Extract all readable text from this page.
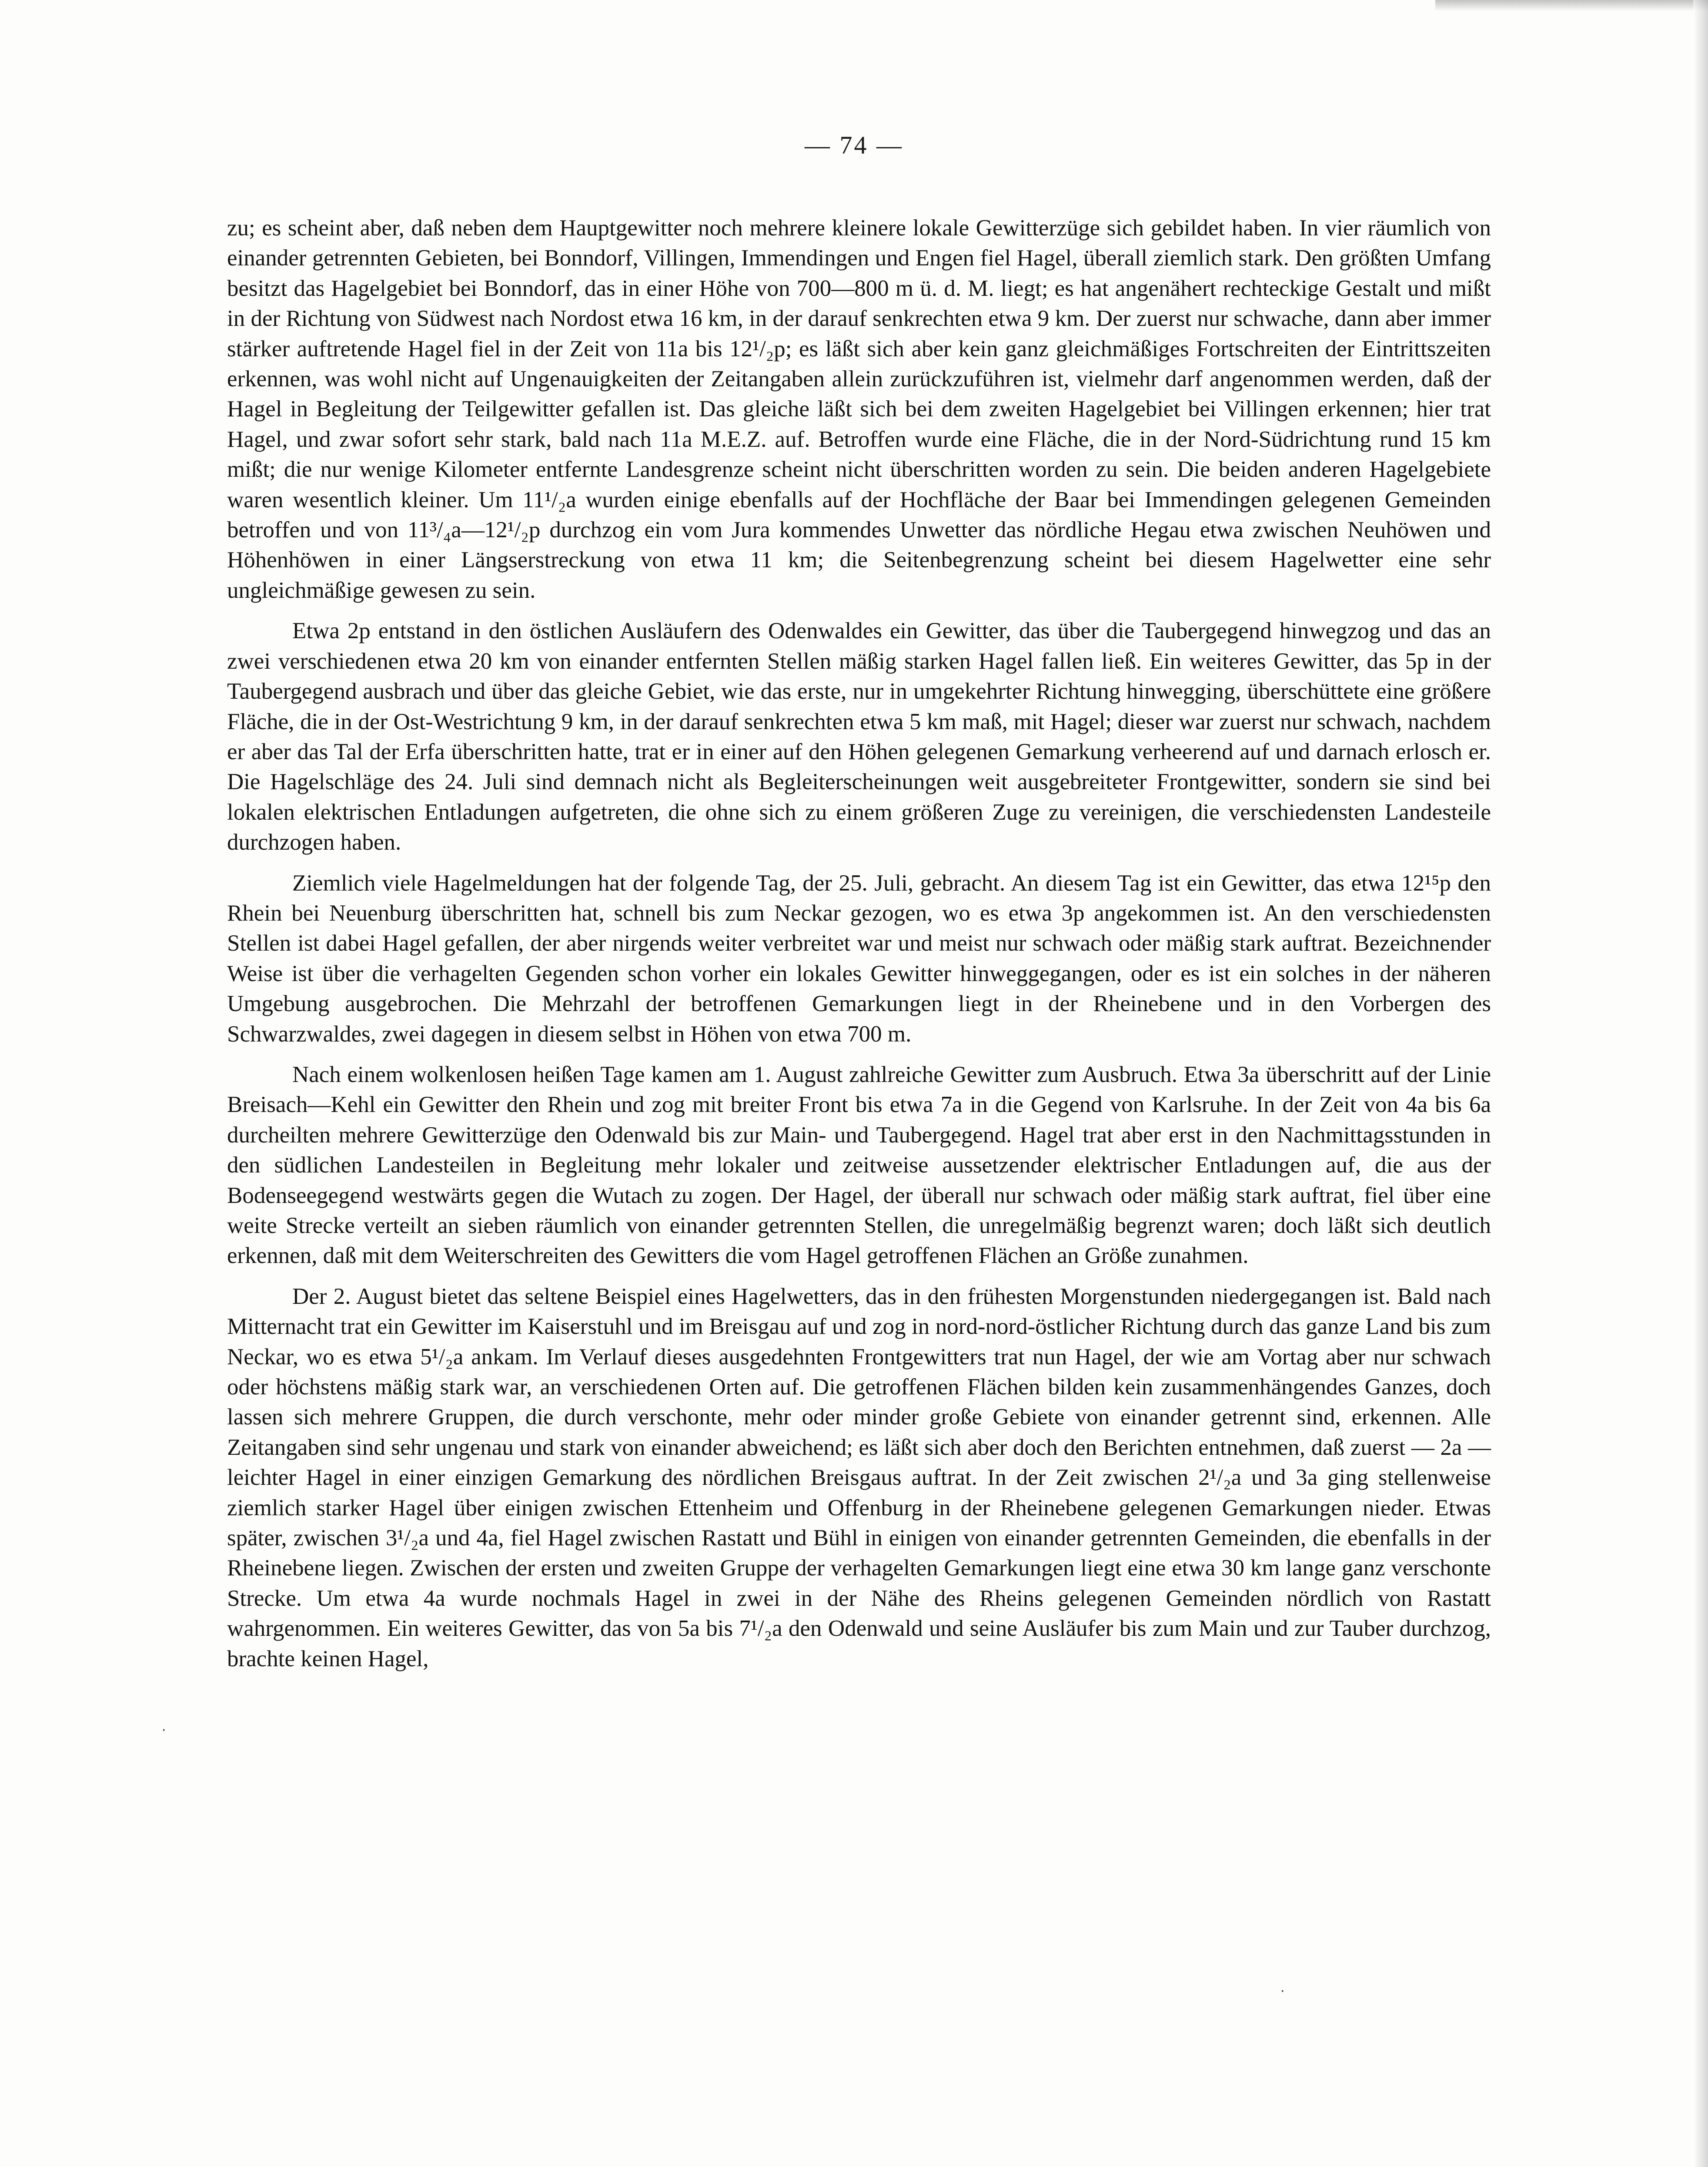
— 74 —

zu; es scheint aber, daß neben dem Hauptgewitter noch mehrere kleinere lokale Gewitterzüge sich gebildet haben. In vier räumlich von einander getrennten Gebieten, bei Bonndorf, Villingen, Immendingen und Engen fiel Hagel, überall ziemlich stark. Den größten Umfang besitzt das Hagelgebiet bei Bonndorf, das in einer Höhe von 700—800 m ü. d. M. liegt; es hat angenähert rechteckige Gestalt und mißt in der Richtung von Südwest nach Nordost etwa 16 km, in der darauf senkrechten etwa 9 km. Der zuerst nur schwache, dann aber immer stärker auftretende Hagel fiel in der Zeit von 11a bis 12¹/₂p; es läßt sich aber kein ganz gleichmäßiges Fortschreiten der Eintrittszeiten erkennen, was wohl nicht auf Ungenauigkeiten der Zeitangaben allein zurückzuführen ist, vielmehr darf angenommen werden, daß der Hagel in Begleitung der Teilgewitter gefallen ist. Das gleiche läßt sich bei dem zweiten Hagelgebiet bei Villingen erkennen; hier trat Hagel, und zwar sofort sehr stark, bald nach 11a M.E.Z. auf. Betroffen wurde eine Fläche, die in der Nord-Südrichtung rund 15 km mißt; die nur wenige Kilometer entfernte Landesgrenze scheint nicht überschritten worden zu sein. Die beiden anderen Hagelgebiete waren wesentlich kleiner. Um 11¹/₂a wurden einige ebenfalls auf der Hochfläche der Baar bei Immendingen gelegenen Gemeinden betroffen und von 11³/₄a—12¹/₂p durchzog ein vom Jura kommendes Unwetter das nördliche Hegau etwa zwischen Neuhöwen und Höhenhöwen in einer Längserstreckung von etwa 11 km; die Seitenbegrenzung scheint bei diesem Hagelwetter eine sehr ungleichmäßige gewesen zu sein.

Etwa 2p entstand in den östlichen Ausläufern des Odenwaldes ein Gewitter, das über die Taubergegend hinwegzog und das an zwei verschiedenen etwa 20 km von einander entfernten Stellen mäßig starken Hagel fallen ließ. Ein weiteres Gewitter, das 5p in der Taubergegend ausbrach und über das gleiche Gebiet, wie das erste, nur in umgekehrter Richtung hinwegging, überschüttete eine größere Fläche, die in der Ost-Westrichtung 9 km, in der darauf senkrechten etwa 5 km maß, mit Hagel; dieser war zuerst nur schwach, nachdem er aber das Tal der Erfa überschritten hatte, trat er in einer auf den Höhen gelegenen Gemarkung verheerend auf und darnach erlosch er. Die Hagelschläge des 24. Juli sind demnach nicht als Begleiterscheinungen weit ausgebreiteter Frontgewitter, sondern sie sind bei lokalen elektrischen Entladungen aufgetreten, die ohne sich zu einem größeren Zuge zu vereinigen, die verschiedensten Landesteile durchzogen haben.

Ziemlich viele Hagelmeldungen hat der folgende Tag, der 25. Juli, gebracht. An diesem Tag ist ein Gewitter, das etwa 12¹⁵p den Rhein bei Neuenburg überschritten hat, schnell bis zum Neckar gezogen, wo es etwa 3p angekommen ist. An den verschiedensten Stellen ist dabei Hagel gefallen, der aber nirgends weiter verbreitet war und meist nur schwach oder mäßig stark auftrat. Bezeichnender Weise ist über die verhagelten Gegenden schon vorher ein lokales Gewitter hinweggegangen, oder es ist ein solches in der näheren Umgebung ausgebrochen. Die Mehrzahl der betroffenen Gemarkungen liegt in der Rheinebene und in den Vorbergen des Schwarzwaldes, zwei dagegen in diesem selbst in Höhen von etwa 700 m.

Nach einem wolkenlosen heißen Tage kamen am 1. August zahlreiche Gewitter zum Ausbruch. Etwa 3a überschritt auf der Linie Breisach—Kehl ein Gewitter den Rhein und zog mit breiter Front bis etwa 7a in die Gegend von Karlsruhe. In der Zeit von 4a bis 6a durcheilten mehrere Gewitterzüge den Odenwald bis zur Main- und Taubergegend. Hagel trat aber erst in den Nachmittagsstunden in den südlichen Landesteilen in Begleitung mehr lokaler und zeitweise aussetzender elektrischer Entladungen auf, die aus der Bodenseegegend westwärts gegen die Wutach zu zogen. Der Hagel, der überall nur schwach oder mäßig stark auftrat, fiel über eine weite Strecke verteilt an sieben räumlich von einander getrennten Stellen, die unregelmäßig begrenzt waren; doch läßt sich deutlich erkennen, daß mit dem Weiterschreiten des Gewitters die vom Hagel getroffenen Flächen an Größe zunahmen.

Der 2. August bietet das seltene Beispiel eines Hagelwetters, das in den frühesten Morgenstunden niedergegangen ist. Bald nach Mitternacht trat ein Gewitter im Kaiserstuhl und im Breisgau auf und zog in nord-nord-östlicher Richtung durch das ganze Land bis zum Neckar, wo es etwa 5¹/₂a ankam. Im Verlauf dieses ausgedehnten Frontgewitters trat nun Hagel, der wie am Vortag aber nur schwach oder höchstens mäßig stark war, an verschiedenen Orten auf. Die getroffenen Flächen bilden kein zusammenhängendes Ganzes, doch lassen sich mehrere Gruppen, die durch verschonte, mehr oder minder große Gebiete von einander getrennt sind, erkennen. Alle Zeitangaben sind sehr ungenau und stark von einander abweichend; es läßt sich aber doch den Berichten entnehmen, daß zuerst — 2a — leichter Hagel in einer einzigen Gemarkung des nördlichen Breisgaus auftrat. In der Zeit zwischen 2¹/₂a und 3a ging stellenweise ziemlich starker Hagel über einigen zwischen Ettenheim und Offenburg in der Rheinebene gelegenen Gemarkungen nieder. Etwas später, zwischen 3¹/₂a und 4a, fiel Hagel zwischen Rastatt und Bühl in einigen von einander getrennten Gemeinden, die ebenfalls in der Rheinebene liegen. Zwischen der ersten und zweiten Gruppe der verhagelten Gemarkungen liegt eine etwa 30 km lange ganz verschonte Strecke. Um etwa 4a wurde nochmals Hagel in zwei in der Nähe des Rheins gelegenen Gemeinden nördlich von Rastatt wahrgenommen. Ein weiteres Gewitter, das von 5a bis 7¹/₂a den Odenwald und seine Ausläufer bis zum Main und zur Tauber durchzog, brachte keinen Hagel,

·
·
